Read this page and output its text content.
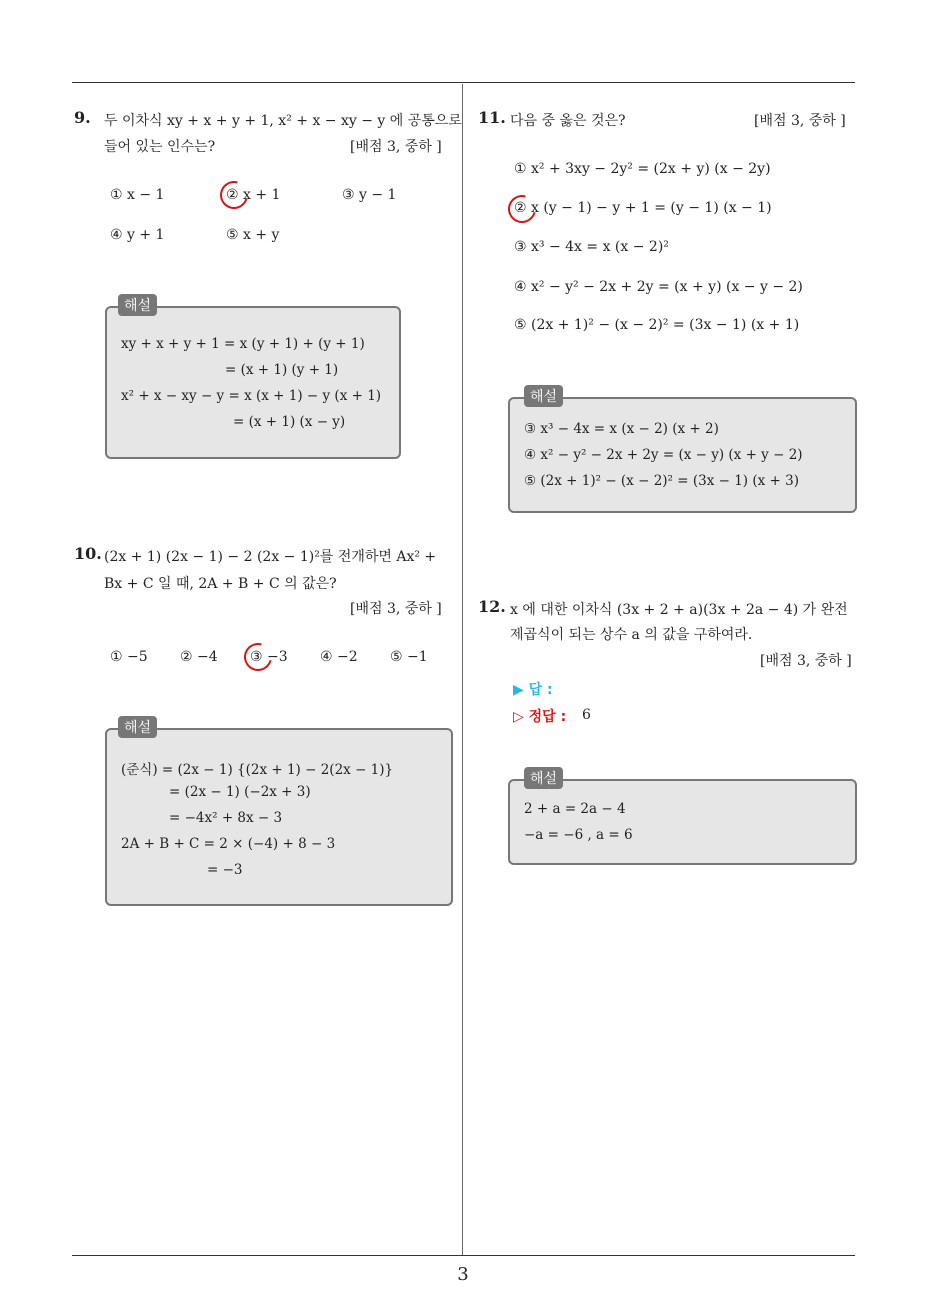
9. 두 이차식 xy + x + y + 1, x² + x − xy − y 에 공통으로
들어 있는 인수는?	[배점 3, 중하 ]
① x − 1	② x + 1	③ y − 1
④ y + 1	⑤ x + y
xy + x + y + 1 = x (y + 1) + (y + 1)
= (x + 1) (y + 1)
x² + x − xy − y = x (x + 1) − y (x + 1)
= (x + 1) (x − y)
해설
10. (2x + 1) (2x − 1) − 2 (2x − 1)²를 전개하면 Ax² +
Bx + C 일 때, 2A + B + C 의 값은?
[배점 3, 중하 ]
① −5 ② −4 ③ −3 ④ −2 ⑤ −1
(준식) = (2x − 1) {(2x + 1) − 2(2x − 1)}
= (2x − 1) (−2x + 3)
= −4x² + 8x − 3
2A + B + C = 2 × (−4) + 8 − 3
= −3
해설
11. 다음 중 옳은 것은?	[배점 3, 중하 ]
① x² + 3xy − 2y² = (2x + y) (x − 2y)
② x (y − 1) − y + 1 = (y − 1) (x − 1)
③ x³ − 4x = x (x − 2)²
④ x² − y² − 2x + 2y = (x + y) (x − y − 2)
⑤ (2x + 1)² − (x − 2)² = (3x − 1) (x + 1)
③ x³ − 4x = x (x − 2) (x + 2)
④ x² − y² − 2x + 2y = (x − y) (x + y − 2)
⑤ (2x + 1)² − (x − 2)² = (3x − 1) (x + 3)
해설
12. x 에 대한 이차식 (3x + 2 + a)(3x + 2a − 4) 가 완전
제곱식이 되는 상수 a 의 값을 구하여라.
[배점 3, 중하 ]
▶ 답 :
▷ 정답 : 6
2 + a = 2a − 4
−a = −6 , a = 6
해설
3
